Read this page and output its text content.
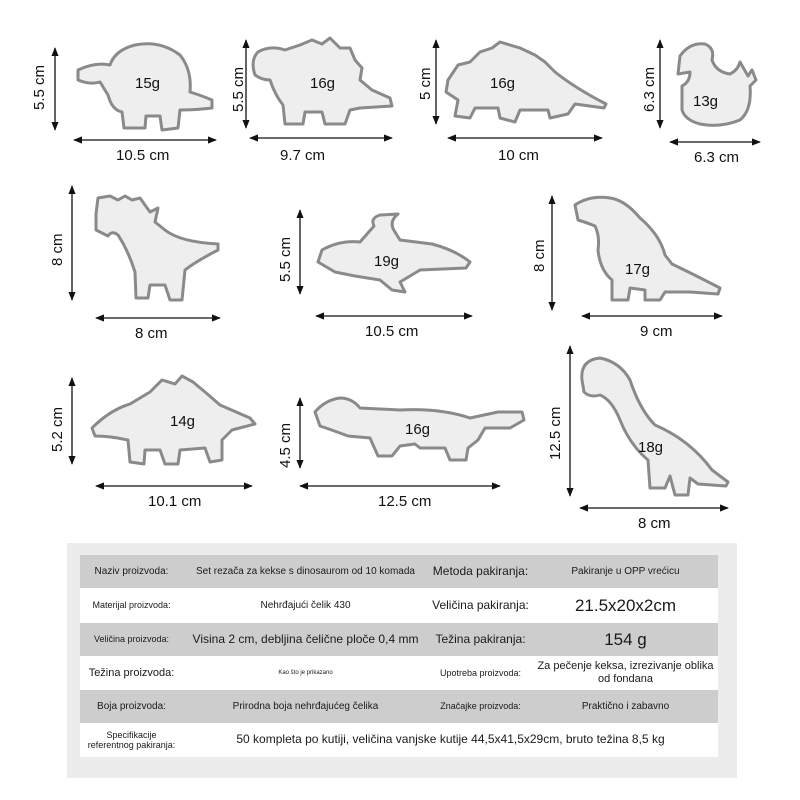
15g	16g	16g
13g
19g	17g
14g	16g
18g
10.5 cm	9.7 cm	10 cm	6.3 cm
8 cm	10.5 cm	9 cm
10.1 cm	12.5 cm
8 cm
5.5 cm	5.5 cm	5 cm	6.3 cm
8 cm	5.5 cm	8 cm
5.2 cm	4.5 cm	12.5 cm
Naziv proizvoda:	Set rezača za kekse s dinosaurom od 10 komada	Metoda pakiranja:	Pakiranje u OPP vrećicu
Materijal proizvoda:	Nehrđajući čelik 430	Veličina pakiranja:	21.5x20x2cm
Veličina proizvoda:	Visina 2 cm, debljina čelične ploče 0,4 mm	Težina pakiranja:	154 g
Težina proizvoda:	Kao što je prikazano	Upotreba proizvoda:	Za pečenje keksa, izrezivanje oblika od fondana
Boja proizvoda:	Prirodna boja nehrđajućeg čelika	Značajke proizvoda:	Praktično i zabavno
Specifikacije referentnog pakiranja:	50 kompleta po kutiji, veličina vanjske kutije 44,5x41,5x29cm, bruto težina 8,5 kg		
